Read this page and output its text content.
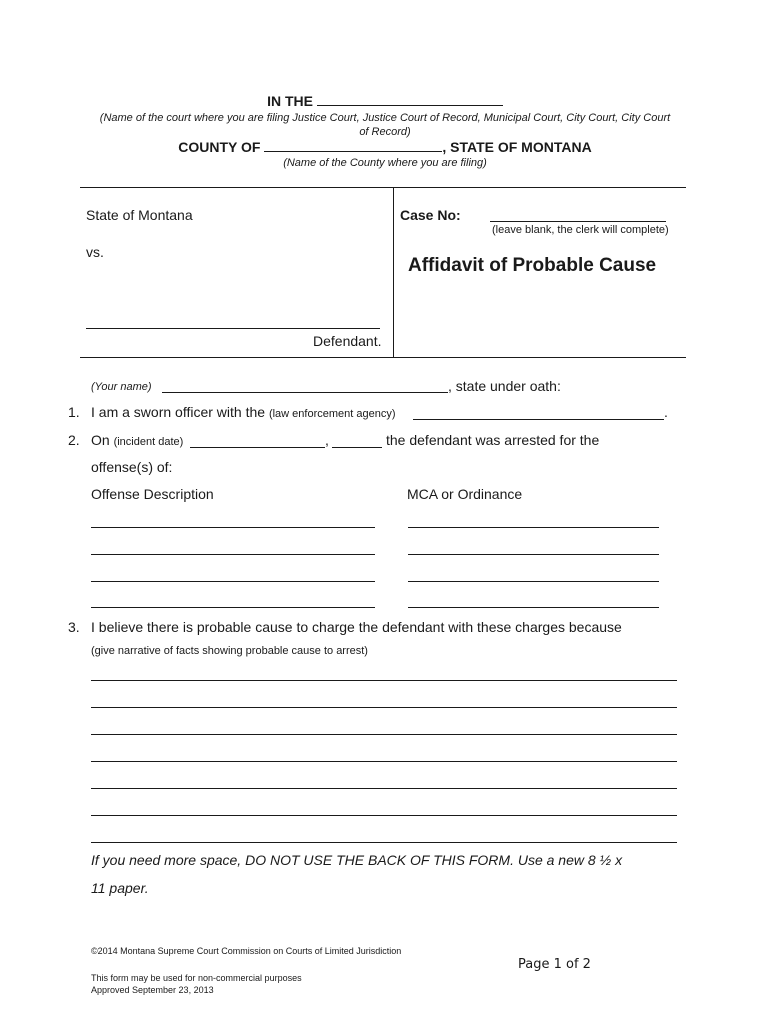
IN THE
(Name of the court where you are filing Justice Court, Justice Court of Record, Municipal Court, City Court, City Court
of Record)
COUNTY OF	, STATE OF MONTANA
(Name of the County where you are filing)
State of Montana
vs.
Defendant.
Case No:
(leave blank, the clerk will complete)
Affidavit of Probable Cause
(Your name)	, state under oath:
1. I am a sworn officer with the (law enforcement agency)	.
2. On (incident date)	,	the defendant was arrested for the
offense(s) of:
Offense Description	MCA or Ordinance
3. I believe there is probable cause to charge the defendant with these charges because
(give narrative of facts showing probable cause to arrest)
If you need more space, DO NOT USE THE BACK OF THIS FORM. Use a new 8 ½ x
11 paper.
©2014 Montana Supreme Court Commission on Courts of Limited Jurisdiction
Page 1 of 2
This form may be used for non-commercial purposes
Approved September 23, 2013
